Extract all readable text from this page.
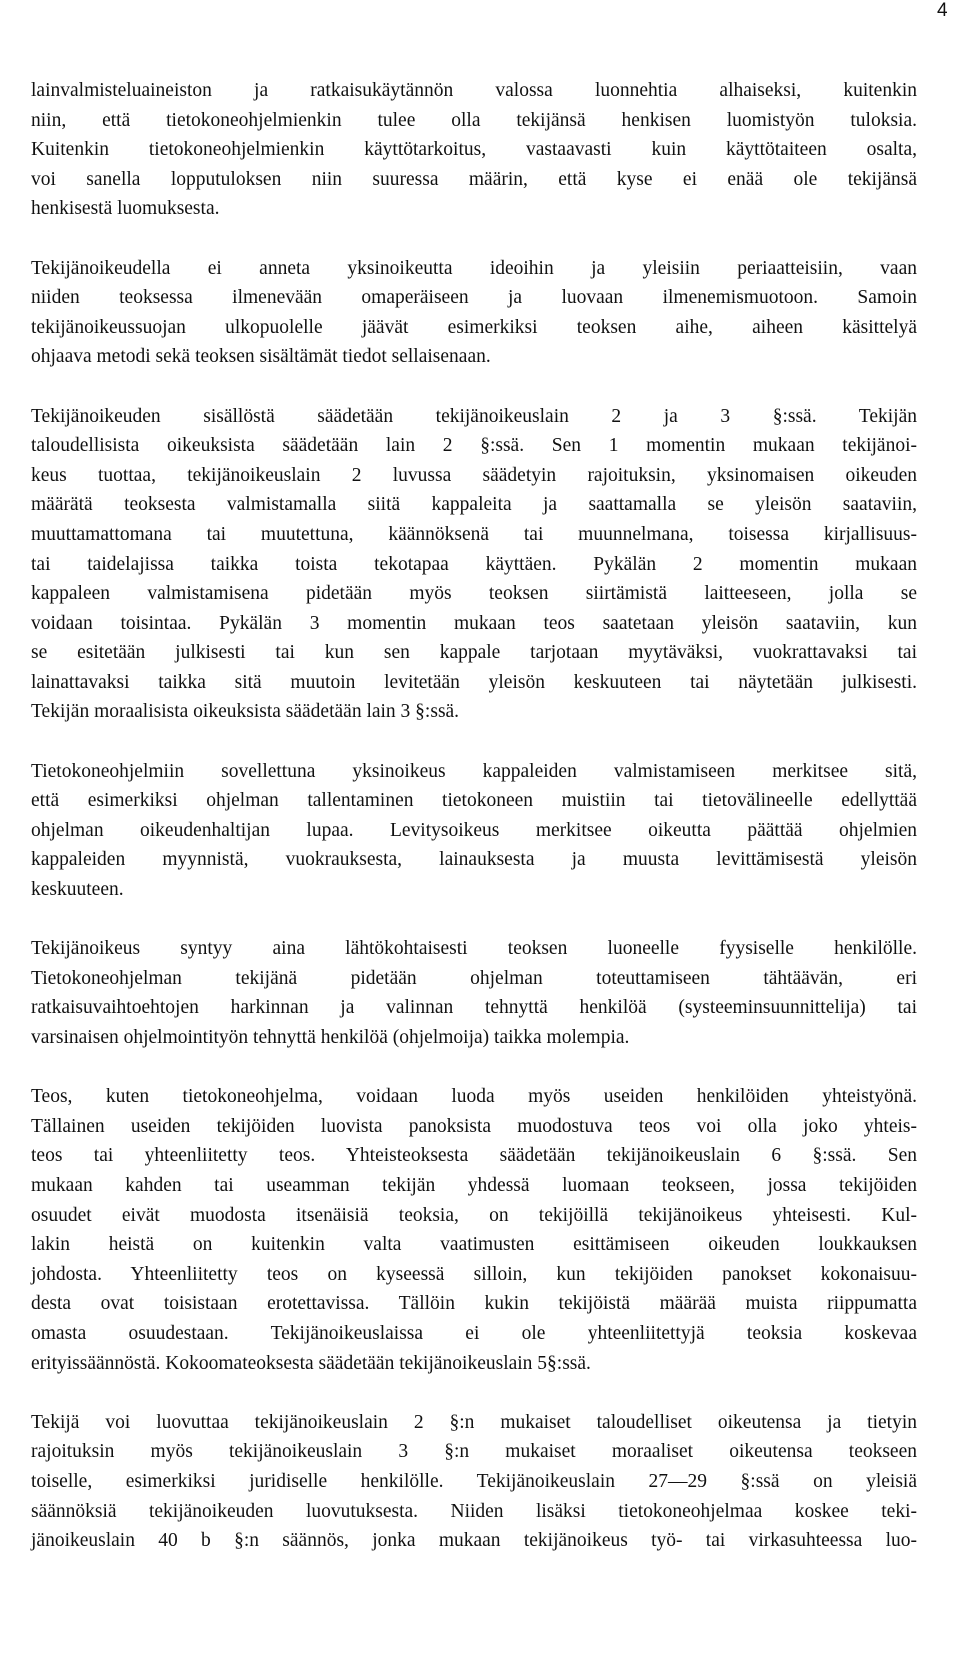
4
lainvalmisteluaineiston ja ratkaisukäytännön valossa luonnehtia alhaiseksi, kuitenkin
niin, että tietokoneohjelmienkin tulee olla tekijänsä henkisen luomistyön tuloksia.
Kuitenkin tietokoneohjelmienkin käyttötarkoitus, vastaavasti kuin käyttötaiteen osalta,
voi sanella lopputuloksen niin suuressa määrin, että kyse ei enää ole tekijänsä
henkisestä luomuksesta.
Tekijänoikeudella ei anneta yksinoikeutta ideoihin ja yleisiin periaatteisiin, vaan
niiden teoksessa ilmenevään omaperäiseen ja luovaan ilmenemismuotoon. Samoin
tekijänoikeussuojan ulkopuolelle jäävät esimerkiksi teoksen aihe, aiheen käsittelyä
ohjaava metodi sekä teoksen sisältämät tiedot sellaisenaan.
Tekijänoikeuden sisällöstä säädetään tekijänoikeuslain 2 ja 3 §:ssä. Tekijän
taloudellisista oikeuksista säädetään lain 2 §:ssä. Sen 1 momentin mukaan tekijänoi-
keus tuottaa, tekijänoikeuslain 2 luvussa säädetyin rajoituksin, yksinomaisen oikeuden
määrätä teoksesta valmistamalla siitä kappaleita ja saattamalla se yleisön saataviin,
muuttamattomana tai muutettuna, käännöksenä tai muunnelmana, toisessa kirjallisuus-
tai taidelajissa taikka toista tekotapaa käyttäen. Pykälän 2 momentin mukaan
kappaleen valmistamisena pidetään myös teoksen siirtämistä laitteeseen, jolla se
voidaan toisintaa. Pykälän 3 momentin mukaan teos saatetaan yleisön saataviin, kun
se esitetään julkisesti tai kun sen kappale tarjotaan myytäväksi, vuokrattavaksi tai
lainattavaksi taikka sitä muutoin levitetään yleisön keskuuteen tai näytetään julkisesti.
Tekijän moraalisista oikeuksista säädetään lain 3 §:ssä.
Tietokoneohjelmiin sovellettuna yksinoikeus kappaleiden valmistamiseen merkitsee sitä,
että esimerkiksi ohjelman tallentaminen tietokoneen muistiin tai tietovälineelle edellyttää
ohjelman oikeudenhaltijan lupaa. Levitysoikeus merkitsee oikeutta päättää ohjelmien
kappaleiden myynnistä, vuokrauksesta, lainauksesta ja muusta levittämisestä yleisön
keskuuteen.
Tekijänoikeus syntyy aina lähtökohtaisesti teoksen luoneelle fyysiselle henkilölle.
Tietokoneohjelman tekijänä pidetään ohjelman toteuttamiseen tähtäävän, eri
ratkaisuvaihtoehtojen harkinnan ja valinnan tehnyttä henkilöä (systeeminsuunnittelija) tai
varsinaisen ohjelmointityön tehnyttä henkilöä (ohjelmoija) taikka molempia.
Teos, kuten tietokoneohjelma, voidaan luoda myös useiden henkilöiden yhteistyönä.
Tällainen useiden tekijöiden luovista panoksista muodostuva teos voi olla joko yhteis-
teos tai yhteenliitetty teos. Yhteisteoksesta säädetään tekijänoikeuslain 6 §:ssä. Sen
mukaan kahden tai useamman tekijän yhdessä luomaan teokseen, jossa tekijöiden
osuudet eivät muodosta itsenäisiä teoksia, on tekijöillä tekijänoikeus yhteisesti. Kul-
lakin heistä on kuitenkin valta vaatimusten esittämiseen oikeuden loukkauksen
johdosta. Yhteenliitetty teos on kyseessä silloin, kun tekijöiden panokset kokonaisuu-
desta ovat toisistaan erotettavissa. Tällöin kukin tekijöistä määrää muista riippumatta
omasta osuudestaan. Tekijänoikeuslaissa ei ole yhteenliitettyjä teoksia koskevaa
erityissäännöstä. Kokoomateoksesta säädetään tekijänoikeuslain 5§:ssä.
Tekijä voi luovuttaa tekijänoikeuslain 2 §:n mukaiset taloudelliset oikeutensa ja tietyin
rajoituksin myös tekijänoikeuslain 3 §:n mukaiset moraaliset oikeutensa teokseen
toiselle, esimerkiksi juridiselle henkilölle. Tekijänoikeuslain 27—29 §:ssä on yleisiä
säännöksiä tekijänoikeuden luovutuksesta. Niiden lisäksi tietokoneohjelmaa koskee teki-
jänoikeuslain 40 b §:n säännös, jonka mukaan tekijänoikeus työ- tai virkasuhteessa luo-
